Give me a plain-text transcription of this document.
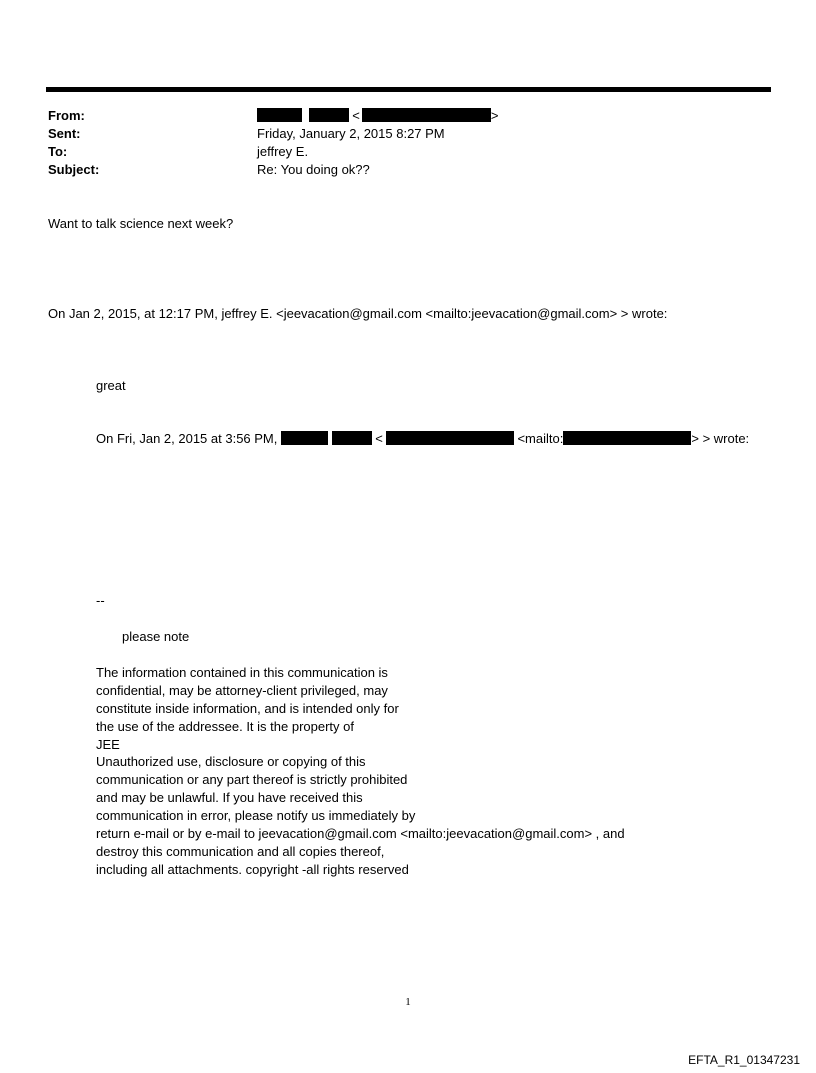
From:	<	>
Sent:	Friday, January 2, 2015 8:27 PM
To:	jeffrey E.
Subject:	Re: You doing ok??
Want to talk science next week?
On Jan 2, 2015, at 12:17 PM, jeffrey E. <jeevacation@gmail.com <mailto:jeevacation@gmail.com> > wrote:
great
On Fri, Jan 2, 2015 at 3:56 PM,	<	<mailto:	> > wrote:
--
please note
The information contained in this communication is
confidential, may be attorney-client privileged, may
constitute inside information, and is intended only for
the use of the addressee. It is the property of
JEE
Unauthorized use, disclosure or copying of this
communication or any part thereof is strictly prohibited
and may be unlawful. If you have received this
communication in error, please notify us immediately by
return e-mail or by e-mail to jeevacation@gmail.com <mailto:jeevacation@gmail.com> , and
destroy this communication and all copies thereof,
including all attachments. copyright -all rights reserved
1
EFTA_R1_01347231
